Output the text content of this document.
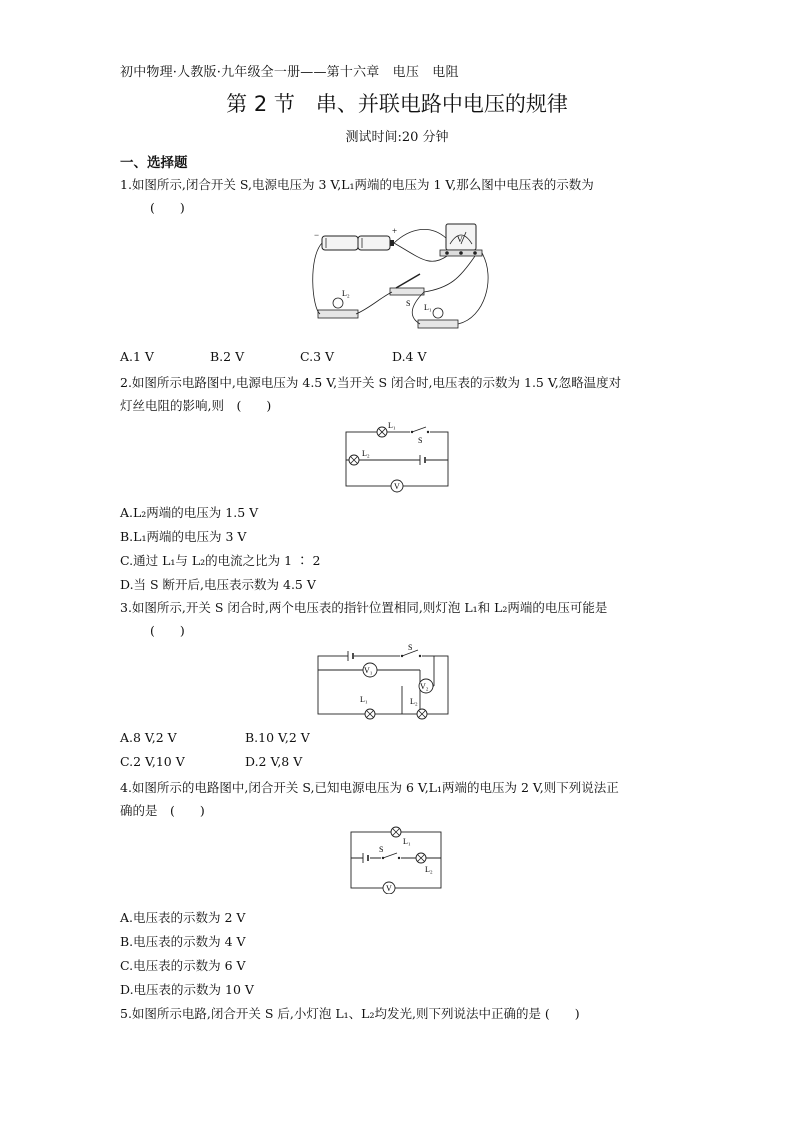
初中物理·人教版·九年级全一册——第十六章　电压　电阻
第 2 节　串、并联电路中电压的规律
测试时间:20 分钟
一、选择题
1.如图所示,闭合开关 S,电源电压为 3 V,L₁两端的电压为 1 V,那么图中电压表的示数为
(　　)
−	+
V
S
L₂
L₁
A.1 V	B.2 V	C.3 V	D.4 V
2.如图所示电路图中,电源电压为 4.5 V,当开关 S 闭合时,电压表的示数为 1.5 V,忽略温度对
灯丝电阻的影响,则　(　　)
L₁
S
L₂
V
A.L₂两端的电压为 1.5 V
B.L₁两端的电压为 3 V
C.通过 L₁与 L₂的电流之比为 1 ∶ 2
D.当 S 断开后,电压表示数为 4.5 V
3.如图所示,开关 S 闭合时,两个电压表的指针位置相同,则灯泡 L₁和 L₂两端的电压可能是
(　　)
S
V₁
V₂
L₁	L₂
A.8 V,2 V	B.10 V,2 V
C.2 V,10 V	D.2 V,8 V
4.如图所示的电路图中,闭合开关 S,已知电源电压为 6 V,L₁两端的电压为 2 V,则下列说法正
确的是　(　　)
L₁
S
L₂
V
A.电压表的示数为 2 V
B.电压表的示数为 4 V
C.电压表的示数为 6 V
D.电压表的示数为 10 V
5.如图所示电路,闭合开关 S 后,小灯泡 L₁、L₂均发光,则下列说法中正确的是 (　　)
